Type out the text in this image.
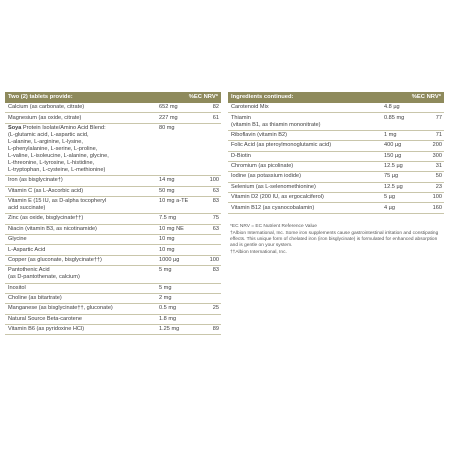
Two (2) tablets provide:	%EC NRV*
Calcium (as carbonate, citrate)	652 mg	82
Magnesium (as oxide, citrate)	227 mg	61
Soya Protein Isolate/Amino Acid Blend:
(L-glutamic acid, L-aspartic acid,
L-alanine, L-arginine, L-lysine,
L-phenylalanine, L-serine, L-proline,
L-valine, L-isoleucine, L-alanine, glycine,
L-threonine, L-tyrosine, L-histidine,
L-tryptophan, L-cysteine, L-methionine)
80 mg
Iron (as bisglycinate†)	14 mg	100
Vitamin C (as L-Ascorbic acid)	50 mg	63
Vitamin E (15 IU, as D-alpha tocopheryl
acid succinate)
10 mg a-TE	83
Zinc (as oxide, bisglycinate††)	7.5 mg	75
Niacin (vitamin B3, as nicotinamide)	10 mg NE	63
Glycine	10 mg
L-Aspartic Acid	10 mg
Copper (as gluconate, bisglycinate††)	1000 µg	100
Pantothenic Acid
(as D-pantothenate, calcium)
5 mg	83
Inositol	5 mg
Choline (as bitartrate)	2 mg
Manganese (as bisglycinate††, gluconate)	0.5 mg	25
Natural Source Beta-carotene	1.8 mg
Vitamin B6 (as pyridoxine HCl)	1.25 mg	89
Ingredients continued:	%EC NRV*
Carotenoid Mix	4.8 µg
Thiamin
(vitamin B1, as thiamin mononitrate)
0.85 mg	77
Riboflavin (vitamin B2)	1 mg	71
Folic Acid (as pteroylmonoglutamic acid)	400 µg	200
D-Biotin	150 µg	300
Chromium (as picolinate)	12.5 µg	31
Iodine (as potassium iodide)	75 µg	50
Selenium (as L-selenomethionine)	12.5 µg	23
Vitamin D2 (200 IU, as ergocalciferol)	5 µg	100
Vitamin B12 (as cyanocobalamin)	4 µg	160

*EC NRV = EC Nutrient Reference Value

†Albion International, Inc. Some iron supplements cause gastrointestinal irritation and constipating effects. This unique form of chelated iron (iron bisglycinate) is formulated for enhanced absorption and is gentle on your system.

††Albion International, Inc.
